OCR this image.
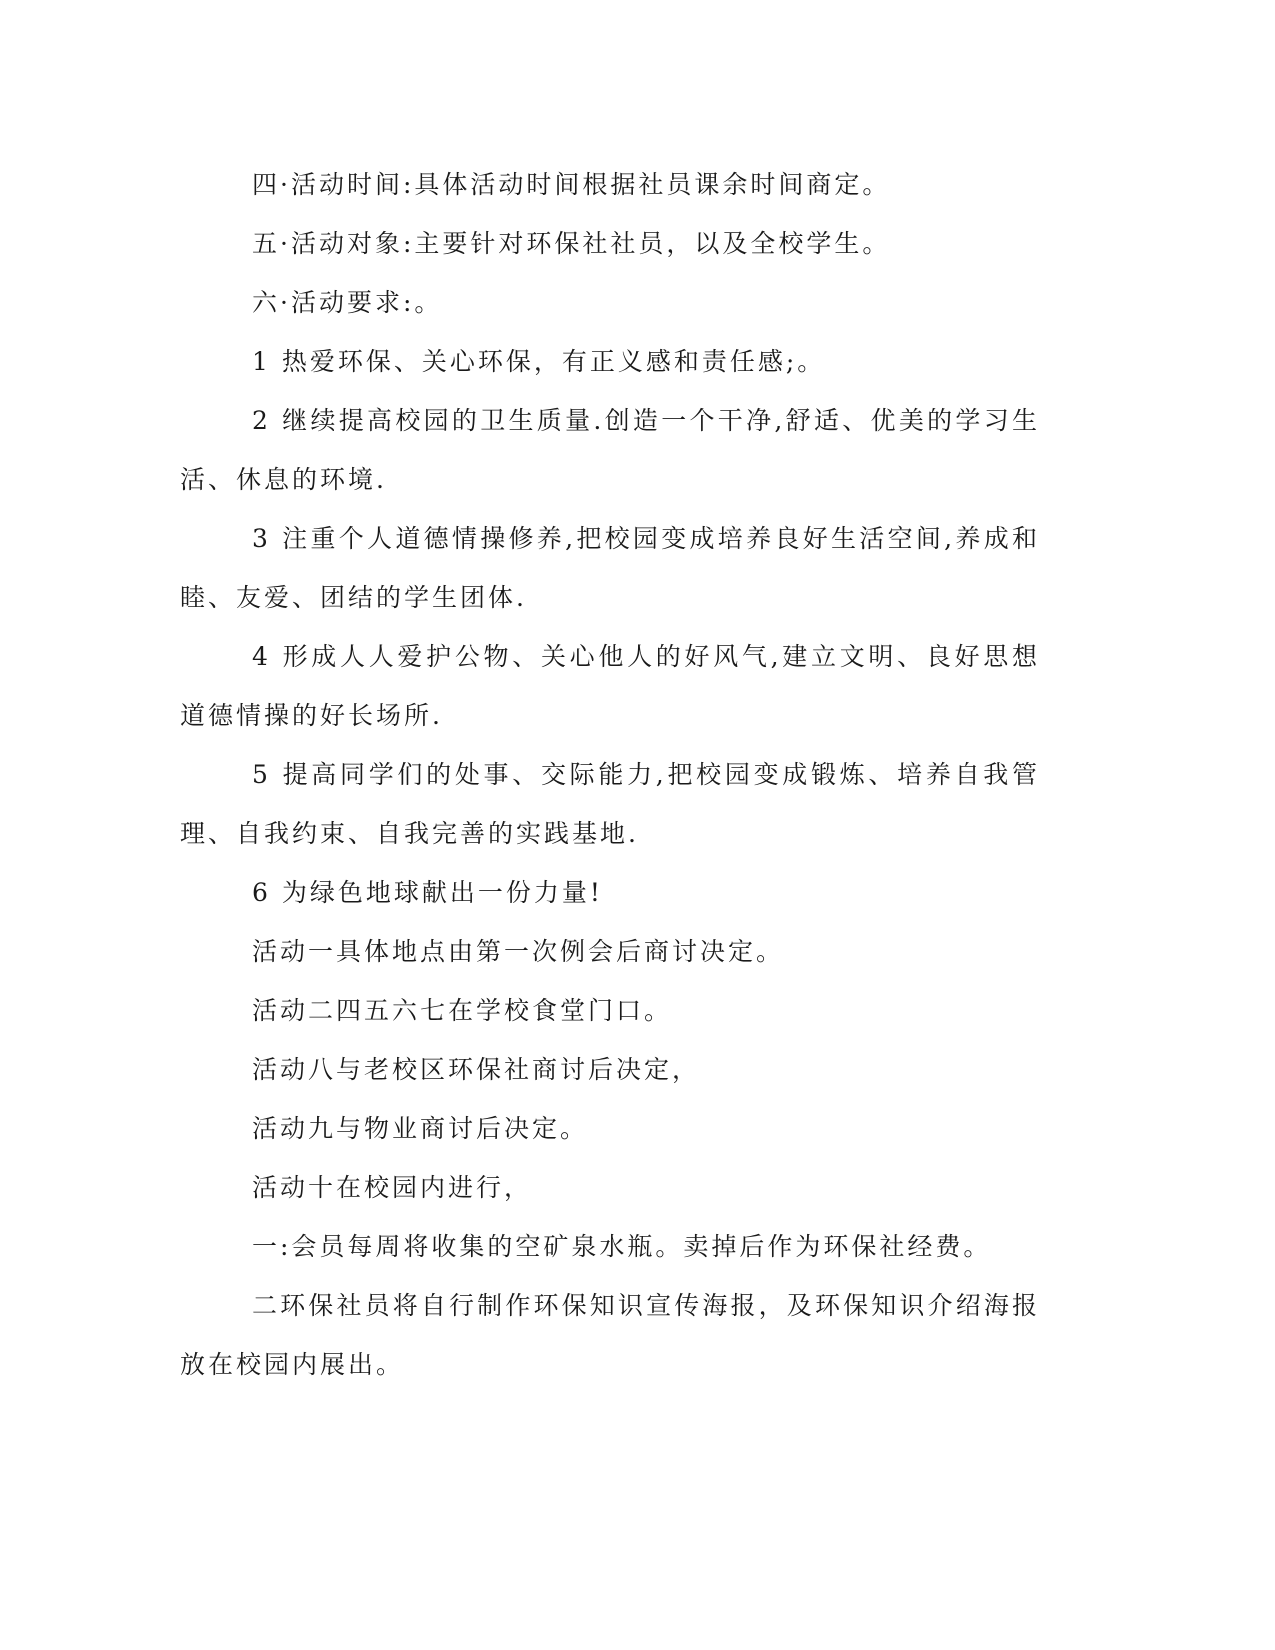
四·活动时间:具体活动时间根据社员课余时间商定。

五·活动对象:主要针对环保社社员，以及全校学生。

六·活动要求:。

1 热爱环保、关心环保，有正义感和责任感;。

2 继续提高校园的卫生质量.创造一个干净,舒适、优美的学习生活、休息的环境.

3 注重个人道德情操修养,把校园变成培养良好生活空间,养成和睦、友爱、团结的学生团体.

4 形成人人爱护公物、关心他人的好风气,建立文明、良好思想道德情操的好长场所.

5 提高同学们的处事、交际能力,把校园变成锻炼、培养自我管理、自我约束、自我完善的实践基地.

6 为绿色地球献出一份力量!

活动一具体地点由第一次例会后商讨决定。

活动二四五六七在学校食堂门口。

活动八与老校区环保社商讨后决定，

活动九与物业商讨后决定。

活动十在校园内进行，

一:会员每周将收集的空矿泉水瓶。卖掉后作为环保社经费。

二环保社员将自行制作环保知识宣传海报，及环保知识介绍海报放在校园内展出。
